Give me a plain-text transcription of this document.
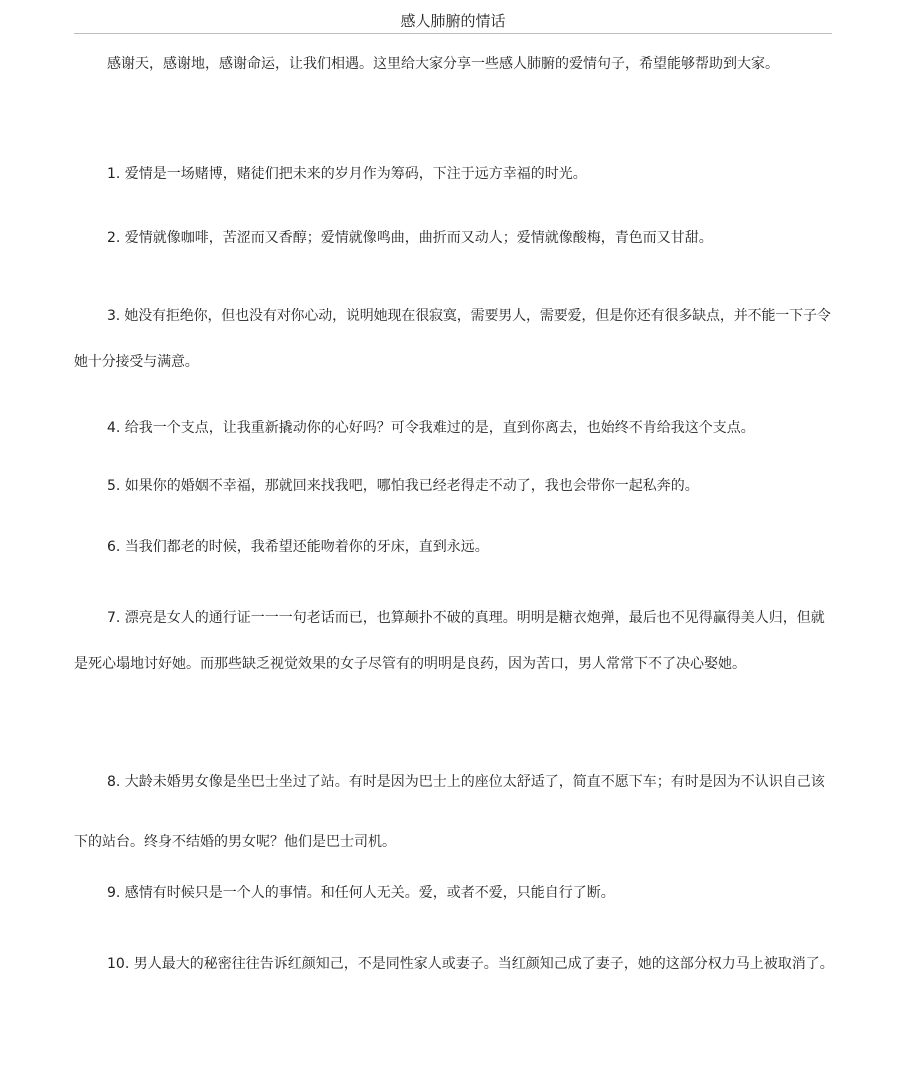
感人肺腑的情话

感谢天，感谢地，感谢命运，让我们相遇。这里给大家分享一些感人肺腑的爱情句子，希望能够帮助到大家。

1. 爱情是一场赌博，赌徒们把未来的岁月作为筹码，下注于远方幸福的时光。

2. 爱情就像咖啡，苦涩而又香醇；爱情就像鸣曲，曲折而又动人；爱情就像酸梅，青色而又甘甜。

3. 她没有拒绝你，但也没有对你心动，说明她现在很寂寞，需要男人，需要爱，但是你还有很多缺点，并不能一下子令她十分接受与满意。

4. 给我一个支点，让我重新撬动你的心好吗？可令我难过的是，直到你离去，也始终不肯给我这个支点。

5. 如果你的婚姻不幸福，那就回来找我吧，哪怕我已经老得走不动了，我也会带你一起私奔的。

6. 当我们都老的时候，我希望还能吻着你的牙床，直到永远。

7. 漂亮是女人的通行证一一一句老话而已，也算颠扑不破的真理。明明是糖衣炮弹，最后也不见得赢得美人归，但就是死心塌地讨好她。而那些缺乏视觉效果的女子尽管有的明明是良药，因为苦口，男人常常下不了决心娶她。

8. 大龄未婚男女像是坐巴士坐过了站。有时是因为巴士上的座位太舒适了，简直不愿下车；有时是因为不认识自己该下的站台。终身不结婚的男女呢？他们是巴士司机。

9. 感情有时候只是一个人的事情。和任何人无关。爱，或者不爱，只能自行了断。

10. 男人最大的秘密往往告诉红颜知己，不是同性家人或妻子。当红颜知己成了妻子，她的这部分权力马上被取消了。
